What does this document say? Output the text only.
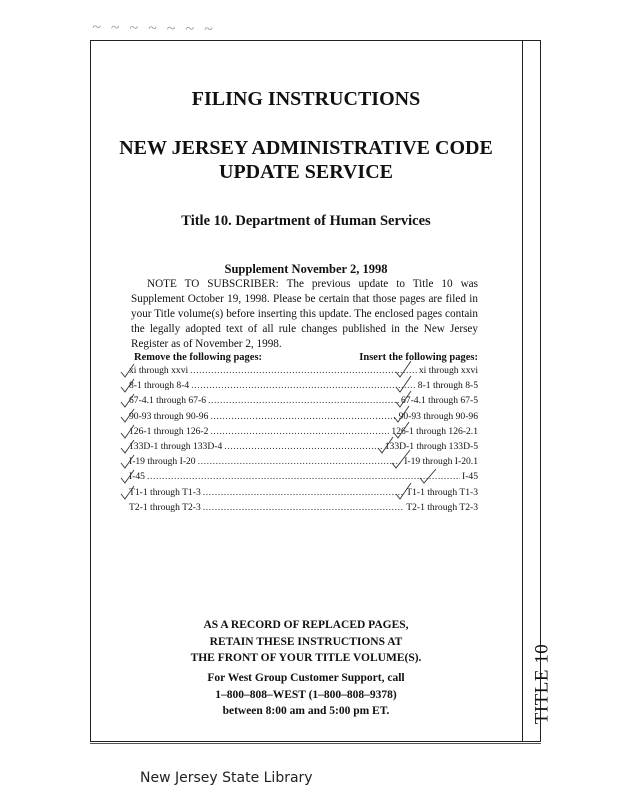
~ ~ ~ ~ ~ ~ ~
FILING INSTRUCTIONS
NEW JERSEY ADMINISTRATIVE CODE
UPDATE SERVICE
Title 10. Department of Human Services
Supplement November 2, 1998
NOTE TO SUBSCRIBER: The previous update to Title 10 was Supplement October 19, 1998. Please be certain that those pages are filed in your Title volume(s) before inserting this update. The enclosed pages contain the legally adopted text of all rule changes published in the New Jersey Register as of November 2, 1998.
Remove the following pages:	Insert the following pages:
xi through xxvi .....	xi through xxvi
8-1 through 8-4 .....	8-1 through 8-5
67-4.1 through 67-6 .....	67-4.1 through 67-5
90-93 through 90-96 .....	90-93 through 90-96
126-1 through 126-2 .....	126-1 through 126-2.1
133D-1 through 133D-4 .....	133D-1 through 133D-5
I-19 through I-20 .....	I-19 through I-20.1
I-45 .....	I-45
T1-1 through T1-3 .....	T1-1 through T1-3
T2-1 through T2-3 .....	T2-1 through T2-3
AS A RECORD OF REPLACED PAGES,
RETAIN THESE INSTRUCTIONS AT
THE FRONT OF YOUR TITLE VOLUME(S).
For West Group Customer Support, call
1–800–808–WEST (1–800–808–9378)
between 8:00 am and 5:00 pm ET.	TITLE 10
New Jersey State Library
